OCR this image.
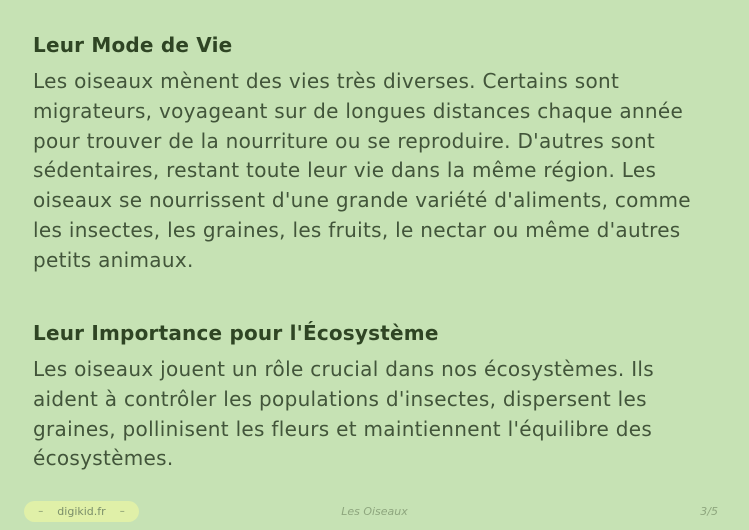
Leur Mode de Vie

Les oiseaux mènent des vies très diverses. Certains sont migrateurs, voyageant sur de longues distances chaque année pour trouver de la nourriture ou se reproduire. D'autres sont sédentaires, restant toute leur vie dans la même région. Les oiseaux se nourrissent d'une grande variété d'aliments, comme les insectes, les graines, les fruits, le nectar ou même d'autres petits animaux.

Leur Importance pour l'Écosystème

Les oiseaux jouent un rôle crucial dans nos écosystèmes. Ils aident à contrôler les populations d'insectes, dispersent les graines, pollinisent les fleurs et maintiennent l'équilibre des écosystèmes.

– digikid.fr –	Les Oiseaux	3/5
